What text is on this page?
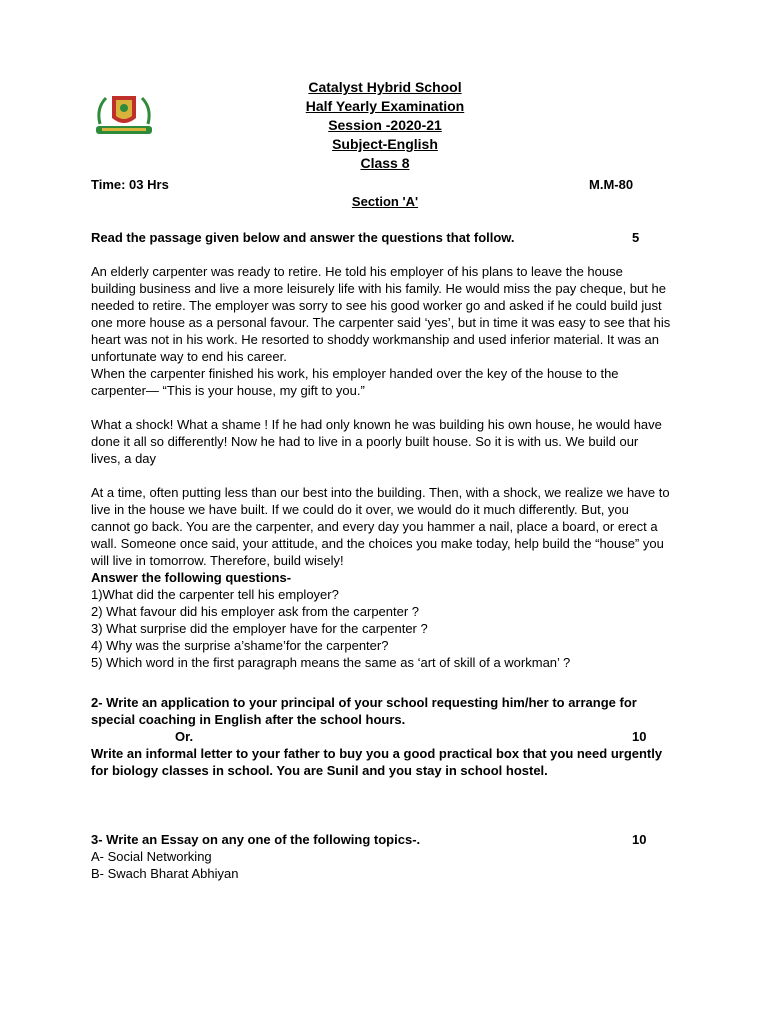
Catalyst Hybrid School
Half Yearly Examination
Session -2020-21
Subject-English
Class 8
Time: 03 Hrs	M.M-80
Section 'A'
Read the passage given below and answer the questions that follow.	5

An elderly carpenter was ready to retire. He told his employer of his plans to leave the house building business and live a more leisurely life with his family. He would miss the pay cheque, but he needed to retire. The employer was sorry to see his good worker go and asked if he could build just one more house as a personal favour. The carpenter said ‘yes’, but in time it was easy to see that his heart was not in his work. He resorted to shoddy workmanship and used inferior material. It was an unfortunate way to end his career.

When the carpenter finished his work, his employer handed over the key of the house to the carpenter— “This is your house, my gift to you.”

What a shock! What a shame ! If he had only known he was building his own house, he would have done it all so differently! Now he had to live in a poorly built house. So it is with us. We build our lives, a day

At a time, often putting less than our best into the building. Then, with a shock, we realize we have to live in the house we have built. If we could do it over, we would do it much differently. But, you cannot go back. You are the carpenter, and every day you hammer a nail, place a board, or erect a wall. Someone once said, your attitude, and the choices you make today, help build the “house” you will live in tomorrow. Therefore, build wisely!

Answer the following questions-

1)What did the carpenter tell his employer?
2) What favour did his employer ask from the carpenter ?
3) What surprise did the employer have for the carpenter ?
4) Why was the surprise a’shame’for the carpenter?
5) Which word in the first paragraph means the same as ‘art of skill of a workman’ ?
2- Write an application to your principal of your school requesting him/her to arrange for special coaching in English after the school hours.
Or.	10
Write an informal letter to your father to buy you a good practical box that you need urgently for biology classes in school. You are Sunil and you stay in school hostel.
3- Write an Essay on any one of the following topics-.	10
A- Social Networking
B- Swach Bharat Abhiyan
